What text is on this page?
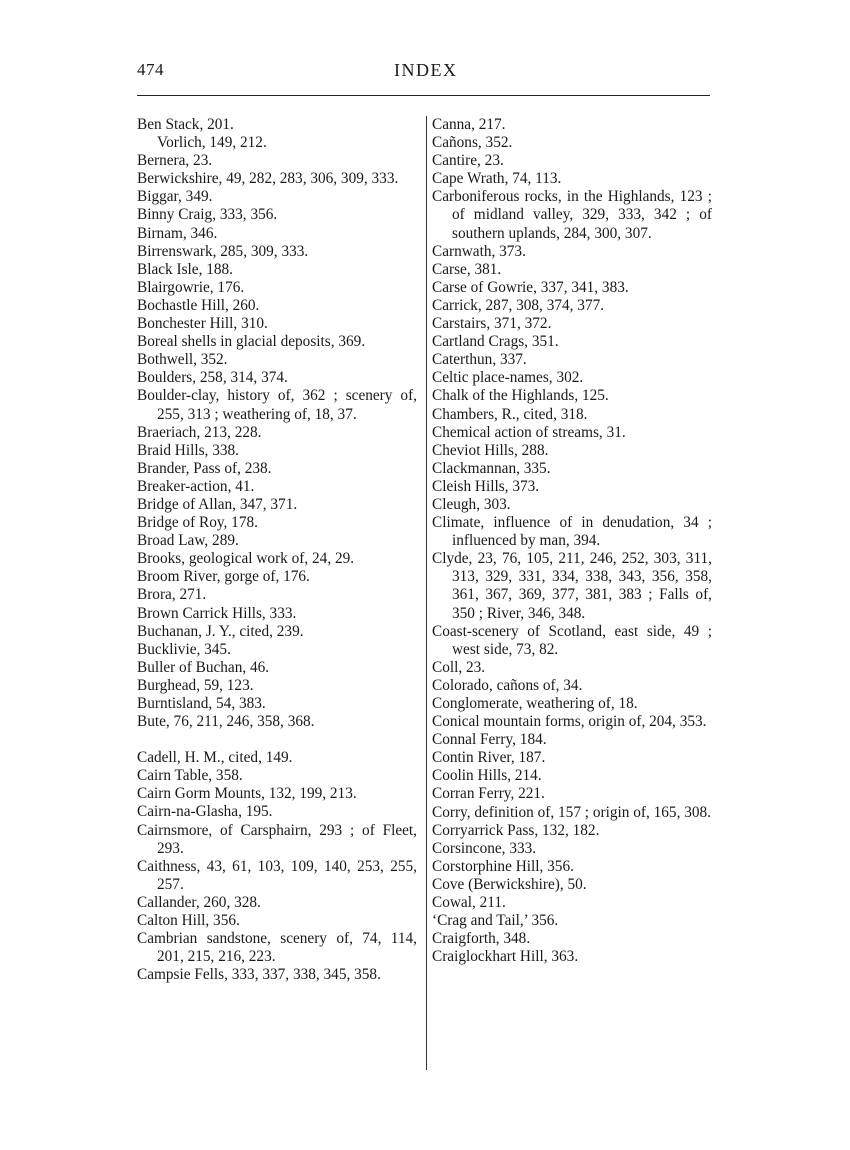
474	INDEX
Ben Stack, 201.
Vorlich, 149, 212.
Bernera, 23.
Berwickshire, 49, 282, 283, 306, 309, 333.
Biggar, 349.
Binny Craig, 333, 356.
Birnam, 346.
Birrenswark, 285, 309, 333.
Black Isle, 188.
Blairgowrie, 176.
Bochastle Hill, 260.
Bonchester Hill, 310.
Boreal shells in glacial deposits, 369.
Bothwell, 352.
Boulders, 258, 314, 374.
Boulder-clay, history of, 362 ; scenery of, 255, 313 ; weathering of, 18, 37.
Braeriach, 213, 228.
Braid Hills, 338.
Brander, Pass of, 238.
Breaker-action, 41.
Bridge of Allan, 347, 371.
Bridge of Roy, 178.
Broad Law, 289.
Brooks, geological work of, 24, 29.
Broom River, gorge of, 176.
Brora, 271.
Brown Carrick Hills, 333.
Buchanan, J. Y., cited, 239.
Bucklivie, 345.
Buller of Buchan, 46.
Burghead, 59, 123.
Burntisland, 54, 383.
Bute, 76, 211, 246, 358, 368.
Cadell, H. M., cited, 149.
Cairn Table, 358.
Cairn Gorm Mounts, 132, 199, 213.
Cairn-na-Glasha, 195.
Cairnsmore, of Carsphairn, 293 ; of Fleet, 293.
Caithness, 43, 61, 103, 109, 140, 253, 255, 257.
Callander, 260, 328.
Calton Hill, 356.
Cambrian sandstone, scenery of, 74, 114, 201, 215, 216, 223.
Campsie Fells, 333, 337, 338, 345, 358.
Canna, 217.
Cañons, 352.
Cantire, 23.
Cape Wrath, 74, 113.
Carboniferous rocks, in the Highlands, 123 ; of midland valley, 329, 333, 342 ; of southern uplands, 284, 300, 307.
Carnwath, 373.
Carse, 381.
Carse of Gowrie, 337, 341, 383.
Carrick, 287, 308, 374, 377.
Carstairs, 371, 372.
Cartland Crags, 351.
Caterthun, 337.
Celtic place-names, 302.
Chalk of the Highlands, 125.
Chambers, R., cited, 318.
Chemical action of streams, 31.
Cheviot Hills, 288.
Clackmannan, 335.
Cleish Hills, 373.
Cleugh, 303.
Climate, influence of in denudation, 34 ; influenced by man, 394.
Clyde, 23, 76, 105, 211, 246, 252, 303, 311, 313, 329, 331, 334, 338, 343, 356, 358, 361, 367, 369, 377, 381, 383 ; Falls of, 350 ; River, 346, 348.
Coast-scenery of Scotland, east side, 49 ; west side, 73, 82.
Coll, 23.
Colorado, cañons of, 34.
Conglomerate, weathering of, 18.
Conical mountain forms, origin of, 204, 353.
Connal Ferry, 184.
Contin River, 187.
Coolin Hills, 214.
Corran Ferry, 221.
Corry, definition of, 157 ; origin of, 165, 308.
Corryarrick Pass, 132, 182.
Corsincone, 333.
Corstorphine Hill, 356.
Cove (Berwickshire), 50.
Cowal, 211.
‘Crag and Tail,’ 356.
Craigforth, 348.
Craiglockhart Hill, 363.
